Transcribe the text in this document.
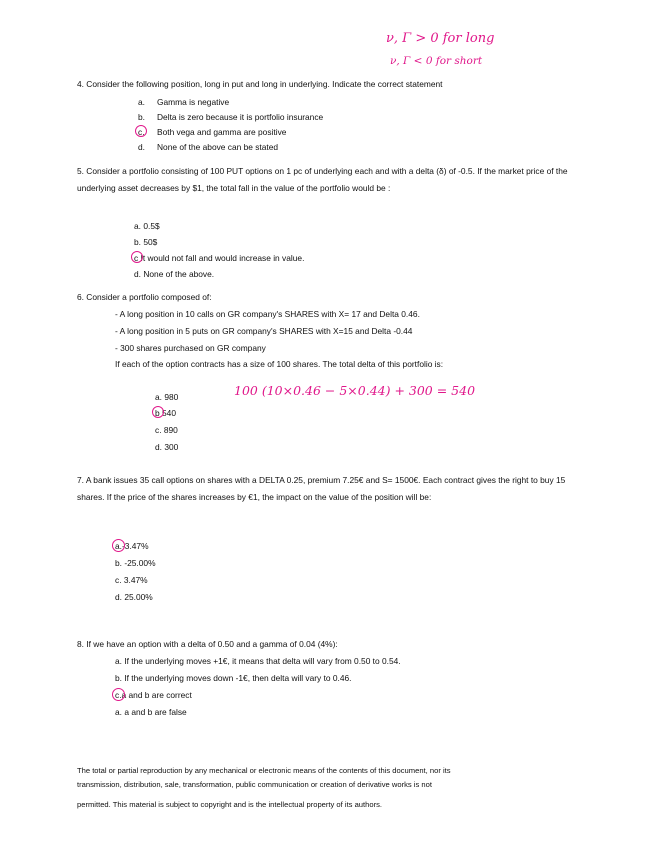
ν, Γ > 0 for long
ν, Γ < 0 for short
4. Consider the following position, long in put and long in underlying. Indicate the correct statement
a. Gamma is negative
b. Delta is zero because it is portfolio insurance
c. Both vega and gamma are positive
d. None of the above can be stated
5. Consider a portfolio consisting of 100 PUT options on 1 pc of underlying each and with a delta (δ) of -0.5. If the market price of the underlying asset decreases by $1, the total fall in the value of the portfolio would be :
a. 0.5$
b. 50$
c It would not fall and would increase in value.
d. None of the above.
6. Consider a portfolio composed of:
- A long position in 10 calls on GR company's SHARES with X= 17 and Delta 0.46.
- A long position in 5 puts on GR company's SHARES with X=15 and Delta -0.44
- 300 shares purchased on GR company
If each of the option contracts has a size of 100 shares. The total delta of this portfolio is:
a. 980
b 540
c. 890
d. 300
100 (10×0.46 − 5×0.44) + 300 = 540
7. A bank issues 35 call options on shares with a DELTA 0.25, premium 7.25€ and S= 1500€. Each contract gives the right to buy 15 shares. If the price of the shares increases by €1, the impact on the value of the position will be:
a.-3.47%
b. -25.00%
c. 3.47%
d. 25.00%
8. If we have an option with a delta of 0.50 and a gamma of 0.04 (4%):
a. If the underlying moves +1€, it means that delta will vary from 0.50 to 0.54.
b. If the underlying moves down -1€, then delta will vary to 0.46.
c.a and b are correct
a. a and b are false
The total or partial reproduction by any mechanical or electronic means of the contents of this document, nor its
transmission, distribution, sale, transformation, public communication or creation of derivative works is not
permitted. This material is subject to copyright and is the intellectual property of its authors.
